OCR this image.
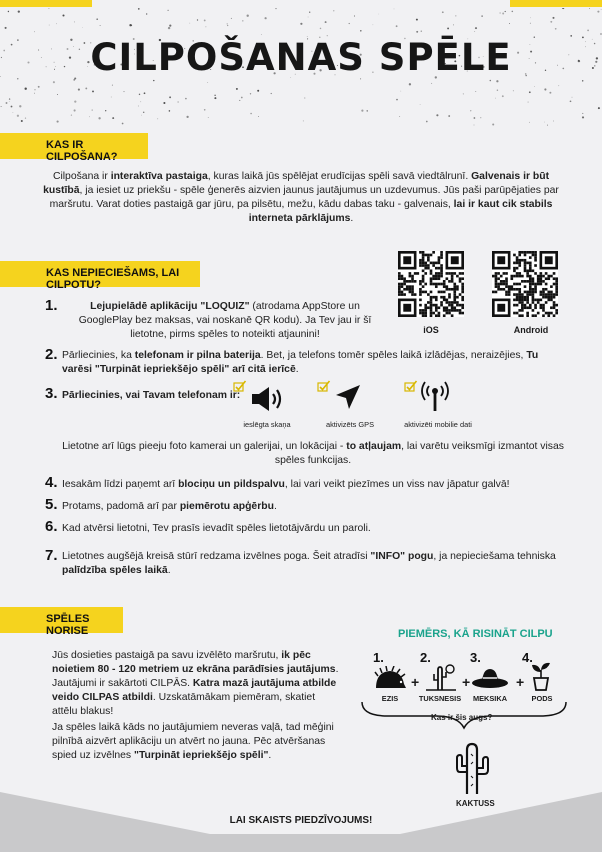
CILPOŠANAS SPĒLE
KAS IR CILPOŠANA?
Cilpošana ir interaktīva pastaiga, kuras laikā jūs spēlējat erudīcijas spēli savā viedtālrunī. Galvenais ir būt kustībā, ja iesiet uz priekšu - spēle ģenerēs aizvien jaunus jautājumus un uzdevumus. Jūs paši parūpējaties par maršrutu. Varat doties pastaigā gar jūru, pa pilsētu, mežu, kādu dabas taku - galvenais, lai ir kaut cik stabils interneta pārklājums.
KAS NEPIECIEŠAMS, LAI CILPOTU?
iOS	Android
1.	Lejupielādē aplikāciju "LOQUIZ" (atrodama AppStore un GooglePlay bez maksas, vai noskanē QR kodu). Ja Tev jau ir šī lietotne, pirms spēles to noteikti atjaunini!
2. Pārliecinies, ka telefonam ir pilna baterija. Bet, ja telefons tomēr spēles laikā izlādējas, neraizējies, Tu varēsi "Turpināt iepriekšējo spēli" arī citā ierīcē.
3. Pārliecinies, vai Tavam telefonam ir:
ieslēgta skaņa	aktivizēts GPS	aktivizēti mobilie dati
Lietotne arī lūgs pieeju foto kamerai un galerijai, un lokācijai - to atļaujam, lai varētu veiksmīgi izmantot visas spēles funkcijas.
4. Iesakām līdzi paņemt arī blociņu un pildspalvu, lai vari veikt piezīmes un viss nav jāpatur galvā!
5. Protams, padomā arī par piemērotu apģērbu.
6. Kad atvērsi lietotni, Tev prasīs ievadīt spēles lietotājvārdu un paroli.
7. Lietotnes augšējā kreisā stūrī redzama izvēlnes poga. Šeit atradīsi "INFO" pogu, ja nepieciešama tehniska palīdzība spēles laikā.
SPĒLES NORISE
Jūs dosieties pastaigā pa savu izvēlēto maršrutu, ik pēc noietiem 80 - 120 metriem uz ekrāna parādīsies jautājums. Jautājumi ir sakārtoti CILPĀS. Katra mazā jautājuma atbilde veido CILPAS atbildi. Uzskatāmākam piemēram, skatiet attēlu blakus!
Ja spēles laikā kāds no jautājumiem neveras vaļā, tad mēģini pilnībā aizvērt aplikāciju un atvērt no jauna. Pēc atvēršanas spied uz izvēlnes "Turpināt iepriekšējo spēli".
PIEMĒRS, KĀ RISINĀT CILPU
1.	2.	3.	4.
+	+	+
EZIS	TUKSNESIS	MEKSIKA	PODS
Kas ir šis augs?
KAKTUSS
LAI SKAISTS PIEDZĪVOJUMS!
